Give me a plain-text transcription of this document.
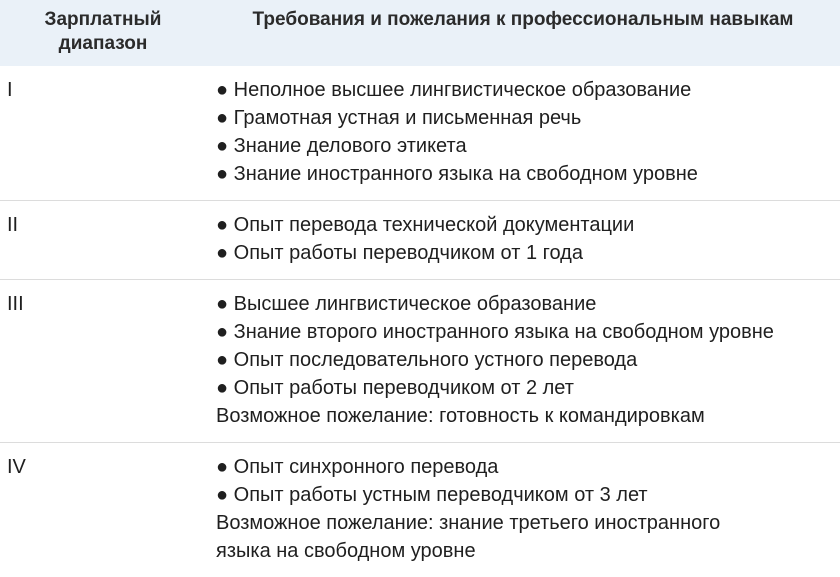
Зарплатный
диапазон	Требования и пожелания к профессиональным навыкам
I	● Неполное высшее лингвистическое образование
● Грамотная устная и письменная речь
● Знание делового этикета
● Знание иностранного языка на свободном уровне

II	● Опыт перевода технической документации
● Опыт работы переводчиком от 1 года

III	● Высшее лингвистическое образование
● Знание второго иностранного языка на свободном уровне
● Опыт последовательного устного перевода
● Опыт работы переводчиком от 2 лет
Возможное пожелание: готовность к командировкам

IV	● Опыт синхронного перевода
● Опыт работы устным переводчиком от 3 лет
Возможное пожелание: знание третьего иностранного
языка на свободном уровне
